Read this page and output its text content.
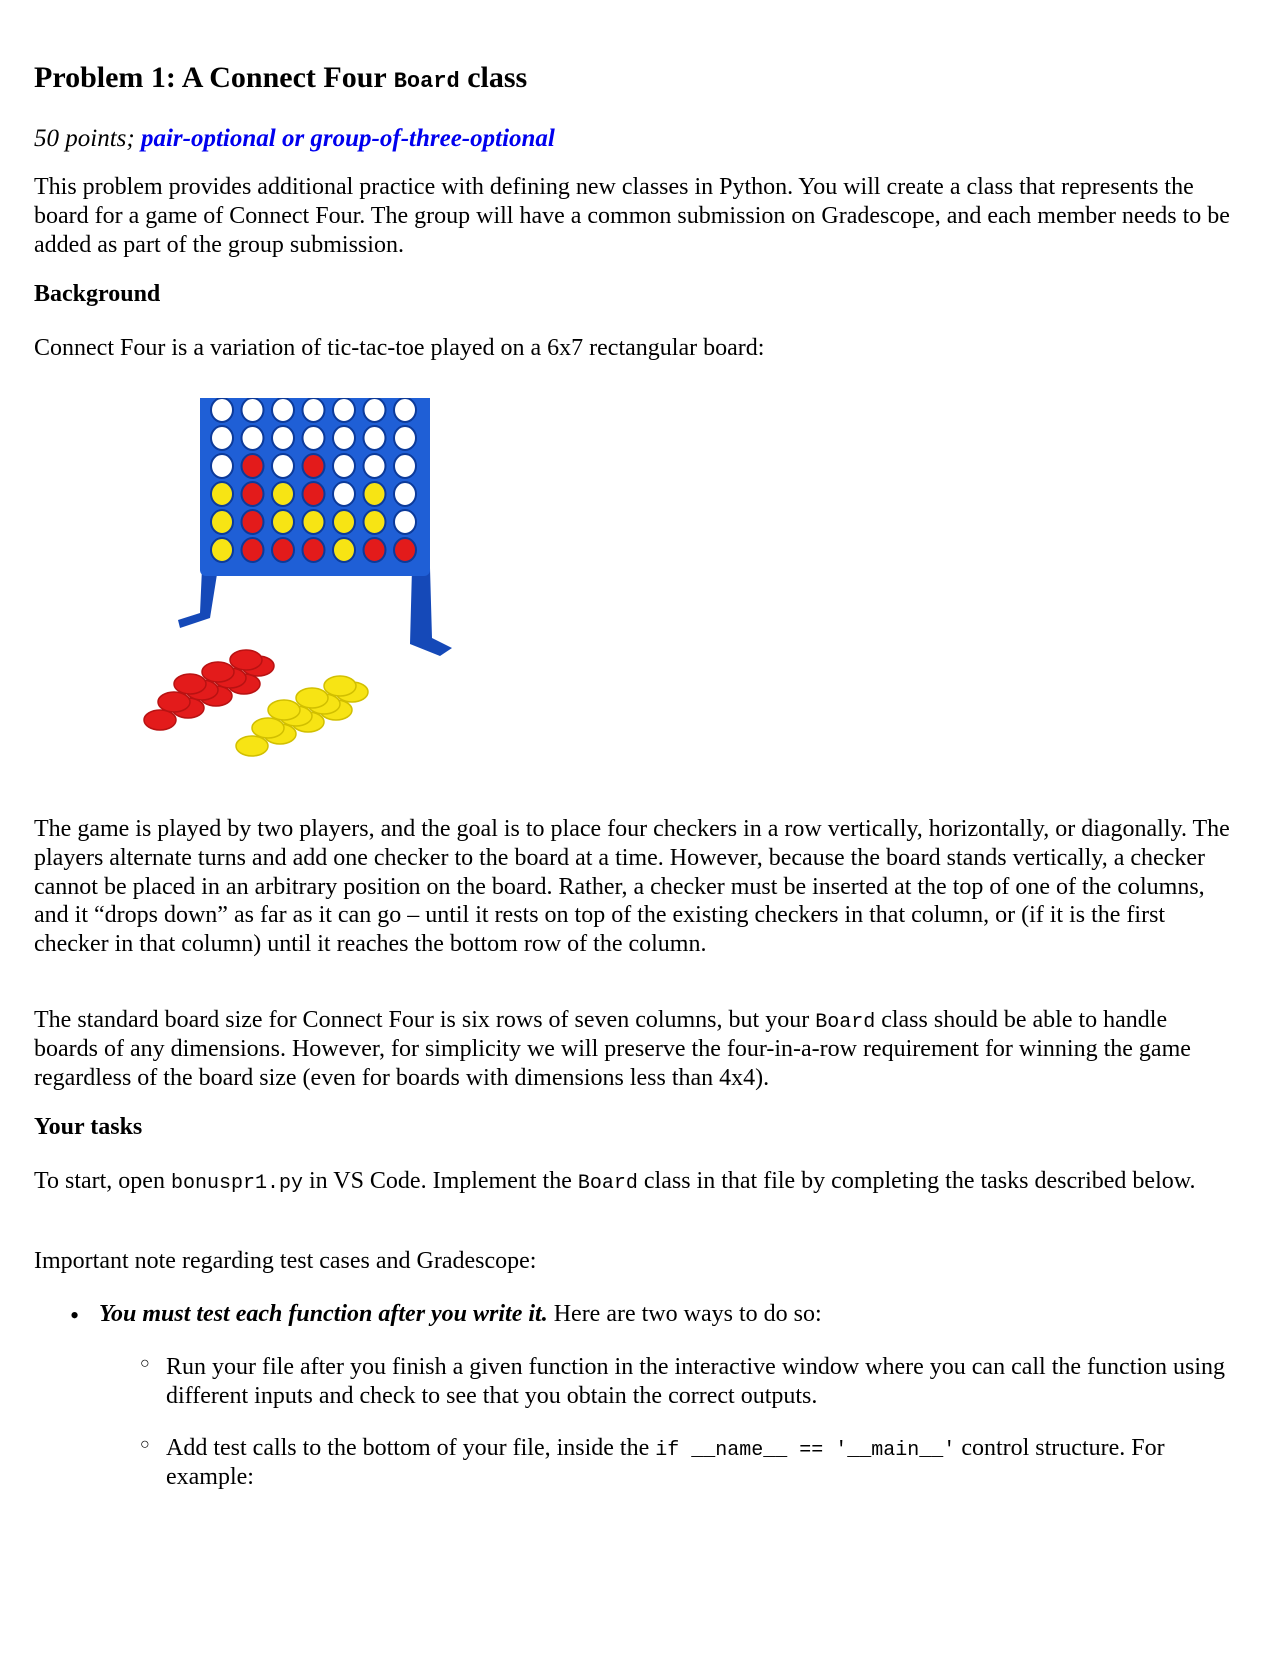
Problem 1: A Connect Four Board class
50 points; pair-optional or group-of-three-optional

This problem provides additional practice with defining new classes in Python. You will create a class that represents the board for a game of Connect Four. The group will have a common submission on Gradescope, and each member needs to be added as part of the group submission.

Background

Connect Four is a variation of tic-tac-toe played on a 6x7 rectangular board:

The game is played by two players, and the goal is to place four checkers in a row vertically, horizontally, or diagonally. The players alternate turns and add one checker to the board at a time. However, because the board stands vertically, a checker cannot be placed in an arbitrary position on the board. Rather, a checker must be inserted at the top of one of the columns, and it “drops down” as far as it can go – until it rests on top of the existing checkers in that column, or (if it is the first checker in that column) until it reaches the bottom row of the column.

The standard board size for Connect Four is six rows of seven columns, but your Board class should be able to handle boards of any dimensions. However, for simplicity we will preserve the four-in-a-row requirement for winning the game regardless of the board size (even for boards with dimensions less than 4x4).

Your tasks

To start, open bonuspr1.py in VS Code. Implement the Board class in that file by completing the tasks described below.

Important note regarding test cases and Gradescope:

• You must test each function after you write it. Here are two ways to do so:
○ Run your file after you finish a given function in the interactive window where you can call the function using different inputs and check to see that you obtain the correct outputs.
○ Add test calls to the bottom of your file, inside the if __name__ == '__main__' control structure. For example:
